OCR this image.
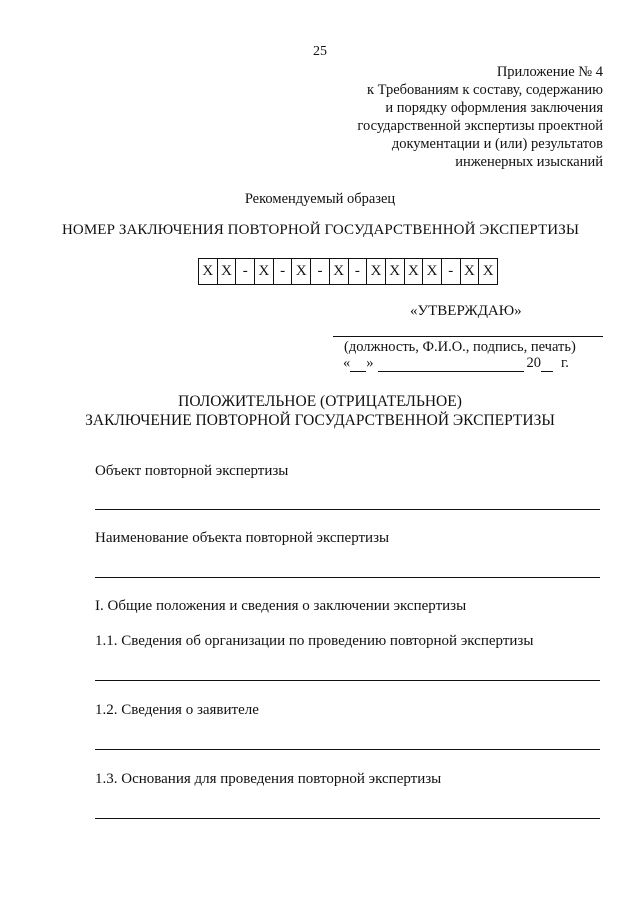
25
Приложение № 4
к Требованиям к составу, содержанию
и порядку оформления заключения
государственной экспертизы проектной
документации и (или) результатов
инженерных изысканий
Рекомендуемый образец
НОМЕР ЗАКЛЮЧЕНИЯ ПОВТОРНОЙ ГОСУДАРСТВЕННОЙ ЭКСПЕРТИЗЫ
X X - X - X - X - X X X X - X X
«УТВЕРЖДАЮ»
(должность, Ф.И.О., подпись, печать)
« »	20 г.
ПОЛОЖИТЕЛЬНОЕ (ОТРИЦАТЕЛЬНОЕ)
ЗАКЛЮЧЕНИЕ ПОВТОРНОЙ ГОСУДАРСТВЕННОЙ ЭКСПЕРТИЗЫ
Объект повторной экспертизы
Наименование объекта повторной экспертизы
I. Общие положения и сведения о заключении экспертизы
1.1. Сведения об организации по проведению повторной экспертизы
1.2. Сведения о заявителе
1.3. Основания для проведения повторной экспертизы
